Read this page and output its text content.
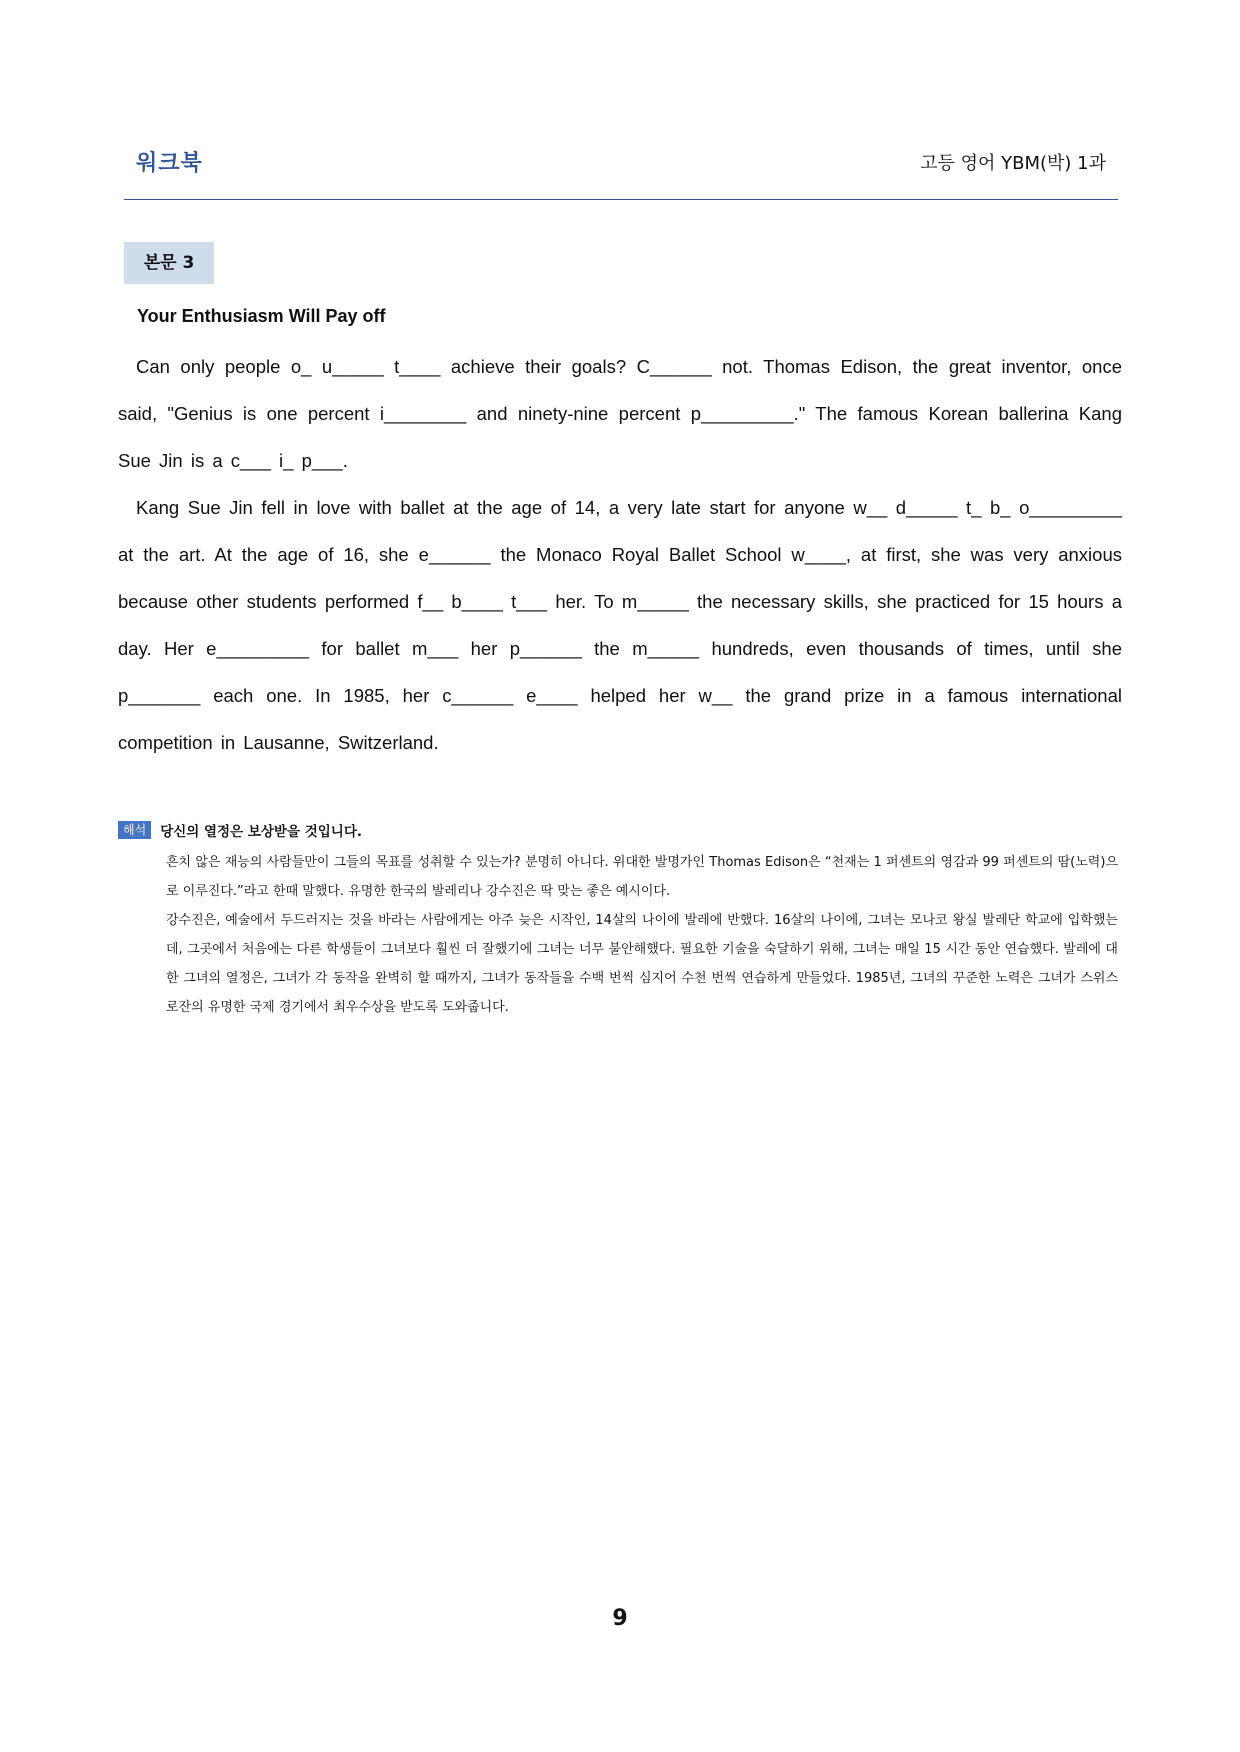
워크북	고등 영어 YBM(박) 1과
본문 3
Your Enthusiasm Will Pay off

Can only people o_ u_____ t____ achieve their goals? C______ not. Thomas Edison, the great inventor, once said, "Genius is one percent i________ and ninety-nine percent p_________." The famous Korean ballerina Kang Sue Jin is a c___ i_ p___.

Kang Sue Jin fell in love with ballet at the age of 14, a very late start for anyone w__ d_____ t_ b_ o_________ at the art. At the age of 16, she e______ the Monaco Royal Ballet School w____, at first, she was very anxious because other students performed f__ b____ t___ her. To m_____ the necessary skills, she practiced for 15 hours a day. Her e_________ for ballet m___ her p______ the m_____ hundreds, even thousands of times, until she p_______ each one. In 1985, her c______ e____ helped her w__ the grand prize in a famous international competition in Lausanne, Switzerland.

해석	당신의 열정은 보상받을 것입니다.

흔치 않은 재능의 사람들만이 그들의 목표를 성취할 수 있는가? 분명히 아니다. 위대한 발명가인 Thomas Edison은 “천재는 1 퍼센트의 영감과 99 퍼센트의 땀(노력)으로 이루진다.”라고 한때 말했다. 유명한 한국의 발레리나 강수진은 딱 맞는 좋은 예시이다.

강수진은, 예술에서 두드러지는 것을 바라는 사람에게는 아주 늦은 시작인, 14살의 나이에 발레에 반했다. 16살의 나이에, 그녀는 모나코 왕실 발레단 학교에 입학했는데, 그곳에서 처음에는 다른 학생들이 그녀보다 훨씬 더 잘했기에 그녀는 너무 불안해했다. 필요한 기술을 숙달하기 위해, 그녀는 매일 15 시간 동안 연습했다. 발레에 대한 그녀의 열정은, 그녀가 각 동작을 완벽히 할 때까지, 그녀가 동작들을 수백 번씩 심지어 수천 번씩 연습하게 만들었다. 1985년, 그녀의 꾸준한 노력은 그녀가 스위스 로잔의 유명한 국제 경기에서 최우수상을 받도록 도와줍니다.

9
